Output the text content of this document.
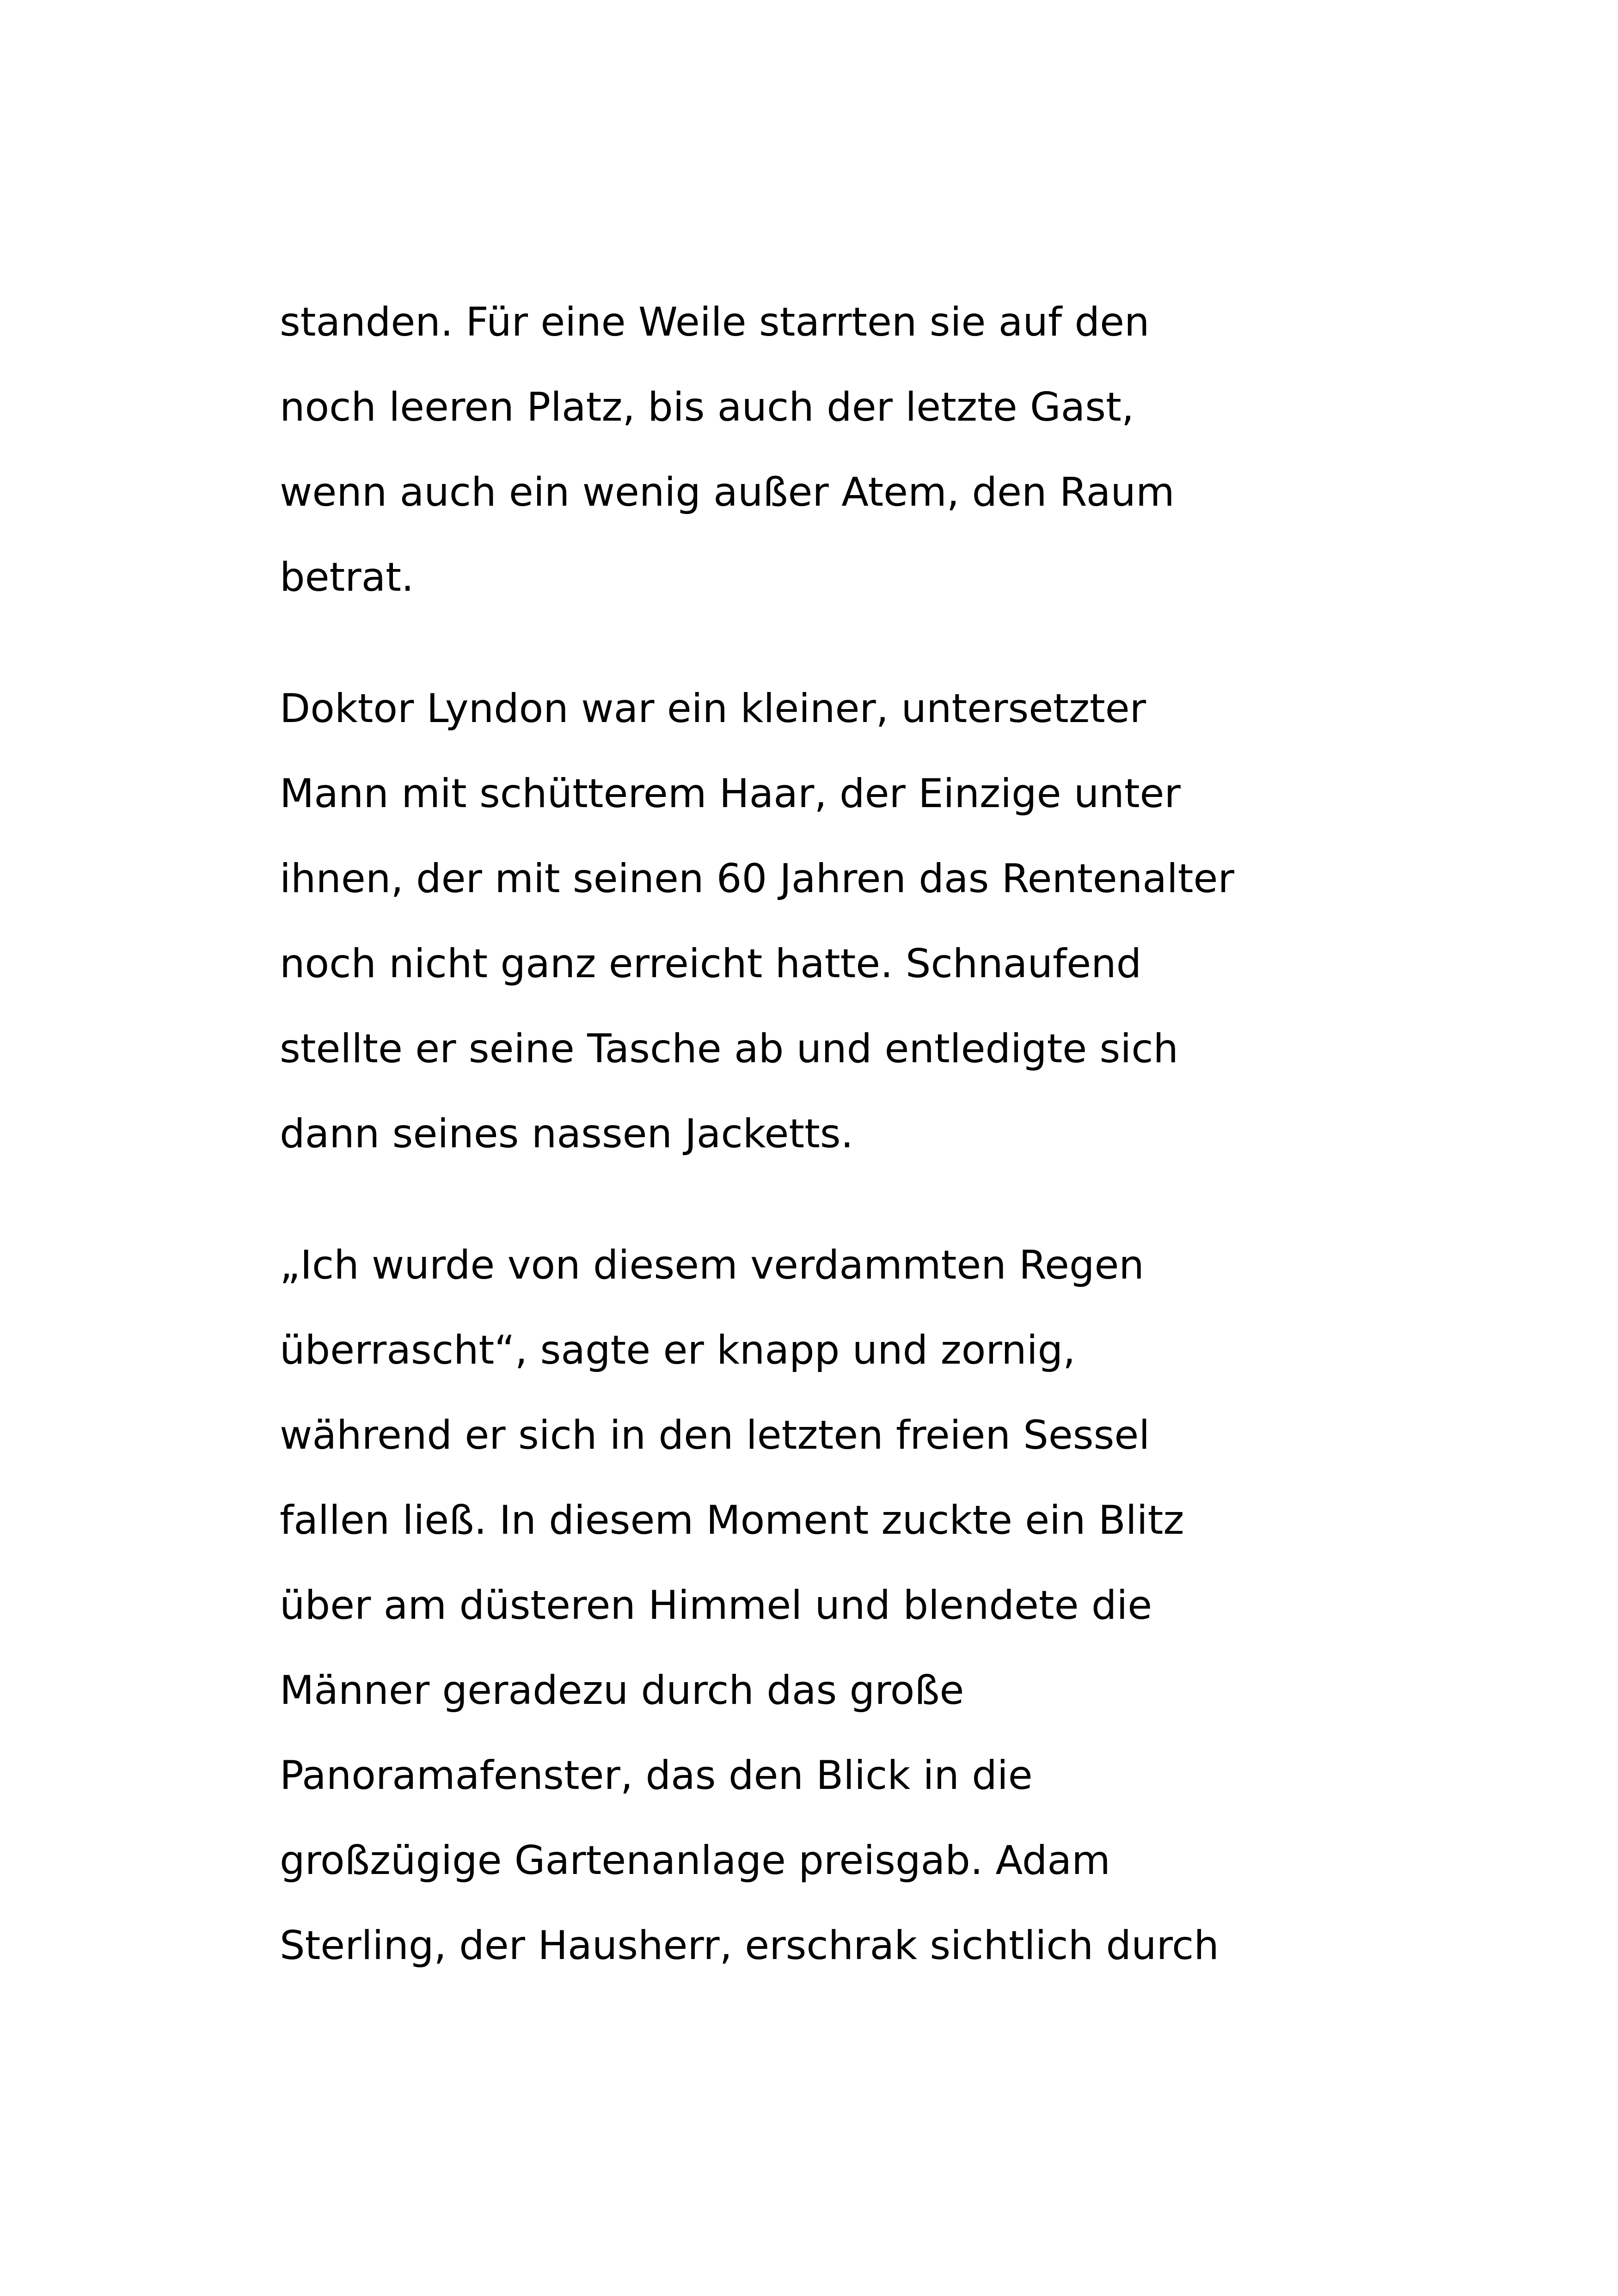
standen. Für eine Weile starrten sie auf den
noch leeren Platz, bis auch der letzte Gast,
wenn auch ein wenig außer Atem, den Raum
betrat.

Doktor Lyndon war ein kleiner, untersetzter
Mann mit schütterem Haar, der Einzige unter
ihnen, der mit seinen 60 Jahren das Rentenalter
noch nicht ganz erreicht hatte. Schnaufend
stellte er seine Tasche ab und entledigte sich
dann seines nassen Jacketts.

„Ich wurde von diesem verdammten Regen
überrascht“, sagte er knapp und zornig,
während er sich in den letzten freien Sessel
fallen ließ. In diesem Moment zuckte ein Blitz
über am düsteren Himmel und blendete die
Männer geradezu durch das große
Panoramafenster, das den Blick in die
großzügige Gartenanlage preisgab. Adam
Sterling, der Hausherr, erschrak sichtlich durch
